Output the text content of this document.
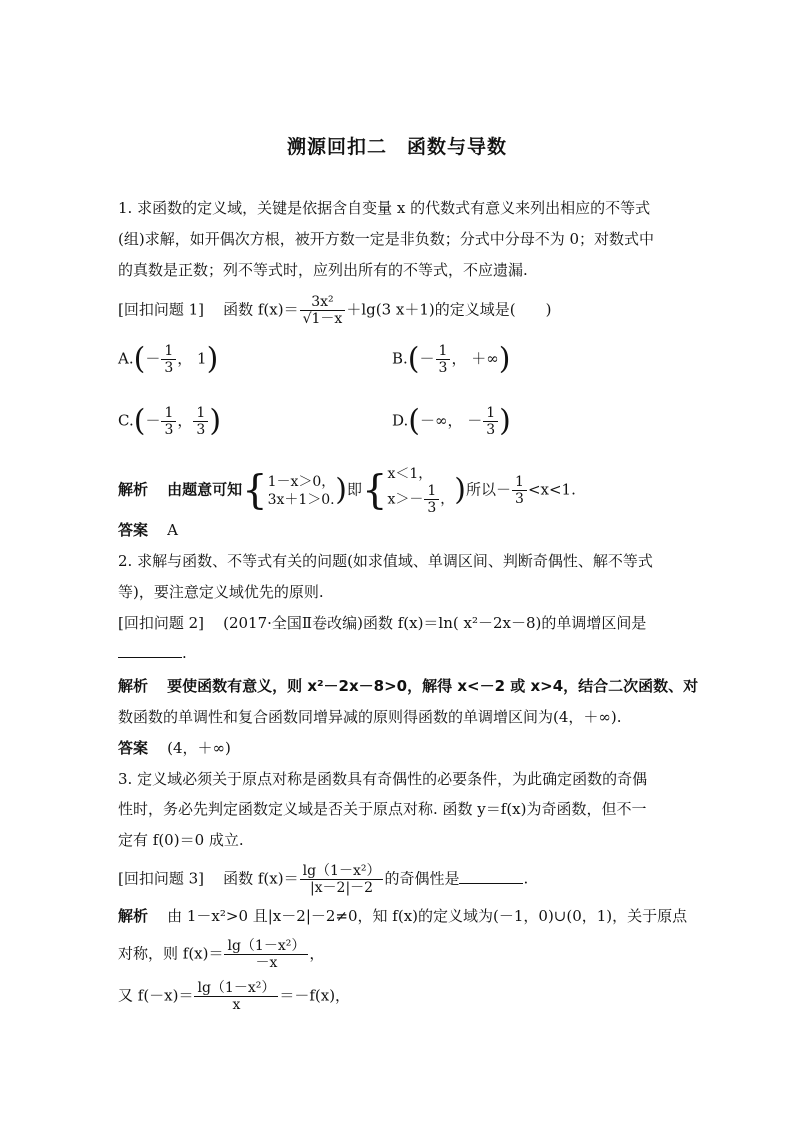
溯源回扣二　函数与导数
1. 求函数的定义域，关键是依据含自变量 x 的代数式有意义来列出相应的不等式
(组)求解，如开偶次方根，被开方数一定是非负数；分式中分母不为 0；对数式中
的真数是正数；列不等式时，应列出所有的不等式，不应遗漏.
[回扣问题 1] 函数 $f(x)= \frac{\text{3x²}}{√1-x} +\lg(3$ x＋1)的定义域是(　　)
$A.(- \frac{1}{3}$ ， 1)	$B.(- \frac{1}{3}$ ， ＋∞)
$C.(- \frac{1}{3}$ ， $\frac{1}{3}$ )	D.(－∞， － $\frac{1}{3}$ )
解析 由题意可知{ 1－x＞0，
3x＋1＞0. )即{ x＜1，
$x>- \frac{1}{3}$ ， )所以－ $\frac{1}{3} <x<1$.
答案 A
2. 求解与函数、不等式有关的问题(如求值域、单调区间、判断奇偶性、解不等式
等)，要注意定义域优先的原则.
[回扣问题 2] (2017·全国Ⅱ卷改编)函数 f(x)＝ln( x²－2x－8)的单调增区间是
.
解析 要使函数有意义，则 x²－2x－8>0，解得 x<－2 或 x>4，结合二次函数、对
数函数的单调性和复合函数同增异减的原则得函数的单调增区间为(4，＋∞).
答案 (4，＋∞)
3. 定义域必须关于原点对称是函数具有奇偶性的必要条件，为此确定函数的奇偶
性时，务必先判定函数定义域是否关于原点对称. 函数 y＝f(x)为奇函数，但不一
定有 f(0)＝0 成立.
[回扣问题 3] 函数 $f(x)= \frac{\text{lg（1－x²）}}{|x-2|-2}$ 的奇偶性是	.
解析 由 1－x²>0 且|x－2|－2≠0，知 f(x)的定义域为(－1，0)∪(0，1)，关于原点
对称，则 $f(x)= \frac{\text{lg（1－x²）}}{-x}$ ，
又 $f(-x)= \frac{\text{lg（1－x²）}}{x} =-f(x)$，
